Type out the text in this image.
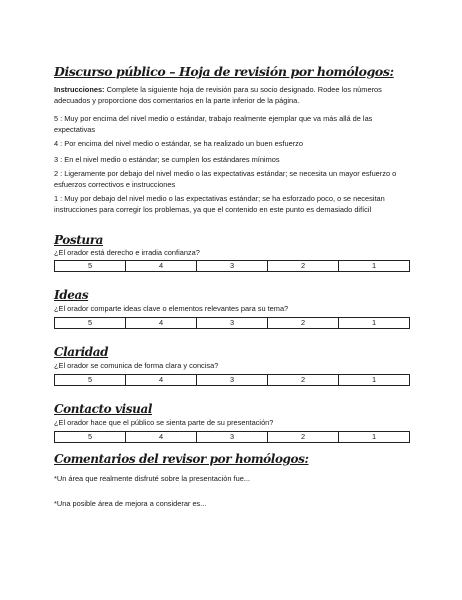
Discurso público – Hoja de revisión por homólogos:
Instrucciones: Complete la siguiente hoja de revisión para su socio designado. Rodee los números adecuados y proporcione dos comentarios en la parte inferior de la página.
5 : Muy por encima del nivel medio o estándar, trabajo realmente ejemplar que va más allá de las expectativas
4 : Por encima del nivel medio o estándar, se ha realizado un buen esfuerzo
3 : En el nivel medio o estándar; se cumplen los estándares mínimos
2 : Ligeramente por debajo del nivel medio o las expectativas estándar; se necesita un mayor esfuerzo o esfuerzos correctivos e instrucciones
1 : Muy por debajo del nivel medio o las expectativas estándar; se ha esforzado poco, o se necesitan instrucciones para corregir los problemas, ya que el contenido en este punto es demasiado difícil
Postura
¿El orador está derecho e irradia confianza?
5	4	3	2	1
Ideas
¿El orador comparte ideas clave o elementos relevantes para su tema?
5	4	3	2	1
Claridad
¿El orador se comunica de forma clara y concisa?
5	4	3	2	1
Contacto visual
¿El orador hace que el público se sienta parte de su presentación?
5	4	3	2	1
Comentarios del revisor por homólogos:
*Un área que realmente disfruté sobre la presentación fue...
*Una posible área de mejora a considerar es...
